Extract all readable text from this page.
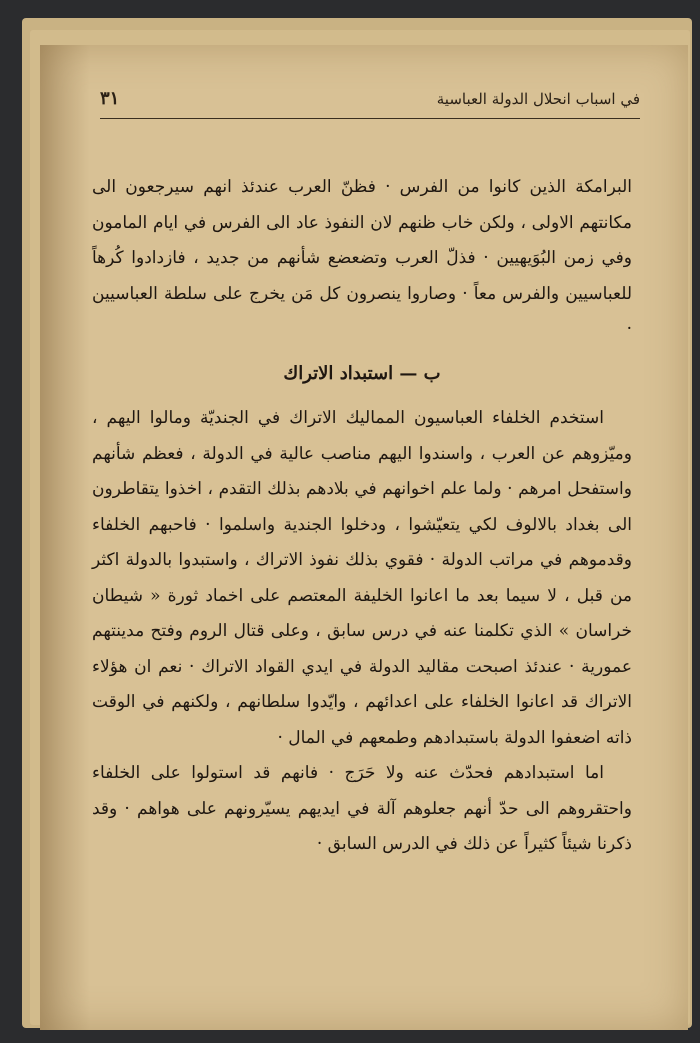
في اسباب انحلال الدولة العباسية
٣١

البرامكة الذين كانوا من الفرس · فظنّ العرب عندئذ انهم سيرجعون الى مكانتهم الاولى ، ولكن خاب ظنهم لان النفوذ عاد الى الفرس في ايام المامون وفي زمن البُوَيهيين · فذلّ العرب وتضعضع شأنهم من جديد ، فازدادوا كُرهاً للعباسيين والفرس معاً · وصاروا ينصرون كل مَن يخرج على سلطة العباسيين ·

ب — استبداد الاتراك

استخدم الخلفاء العباسيون المماليك الاتراك في الجنديّة ومالوا اليهم ، وميّزوهم عن العرب ، واسندوا اليهم مناصب عالية في الدولة ، فعظم شأنهم واستفحل امرهم · ولما علم اخوانهم في بلادهم بذلك التقدم ، اخذوا يتقاطرون الى بغداد بالالوف لكي يتعيّشوا ، ودخلوا الجندية واسلموا · فاحبهم الخلفاء وقدموهم في مراتب الدولة · فقوي بذلك نفوذ الاتراك ، واستبدوا بالدولة اكثر من قبل ، لا سيما بعد ما اعانوا الخليفة المعتصم على اخماد ثورة « شيطان خراسان » الذي تكلمنا عنه في درس سابق ، وعلى قتال الروم وفتح مدينتهم عمورية · عندئذ اصبحت مقاليد الدولة في ايدي القواد الاتراك · نعم ان هؤلاء الاتراك قد اعانوا الخلفاء على اعدائهم ، وايّدوا سلطانهم ، ولكنهم في الوقت ذاته اضعفوا الدولة باستبدادهم وطمعهم في المال ·

اما استبدادهم فحدّث عنه ولا حَرَج · فانهم قد استولوا على الخلفاء واحتقروهم الى حدّ أنهم جعلوهم آلة في ايديهم يسيّرونهم على هواهم · وقد ذكرنا شيئاً كثيراً عن ذلك في الدرس السابق ·
